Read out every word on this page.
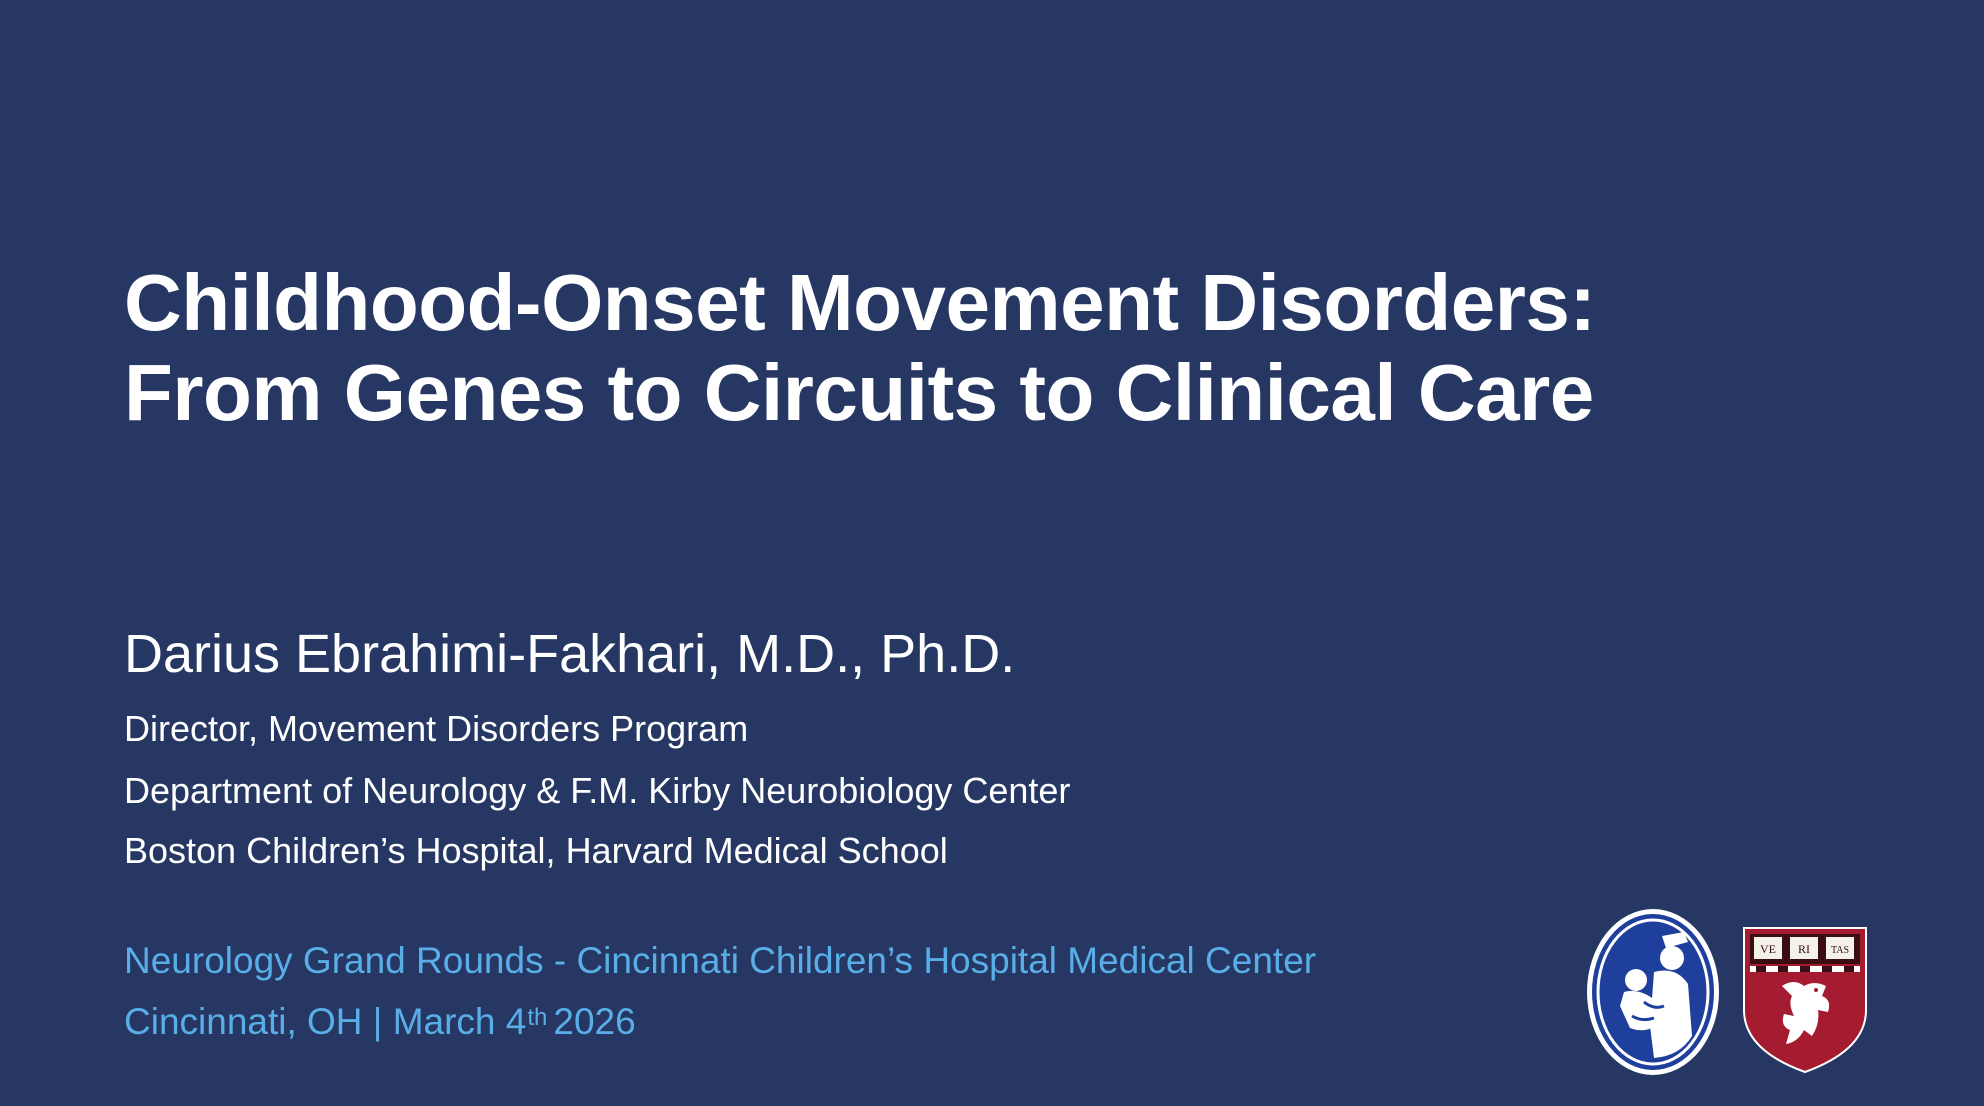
Childhood-Onset Movement Disorders:
From Genes to Circuits to Clinical Care
Darius Ebrahimi-Fakhari, M.D., Ph.D.
Director, Movement Disorders Program
Department of Neurology & F.M. Kirby Neurobiology Center
Boston Children’s Hospital, Harvard Medical School
Neurology Grand Rounds - Cincinnati Children’s Hospital Medical Center
Cincinnati, OH | March 4th 2026
VE RI TAS
